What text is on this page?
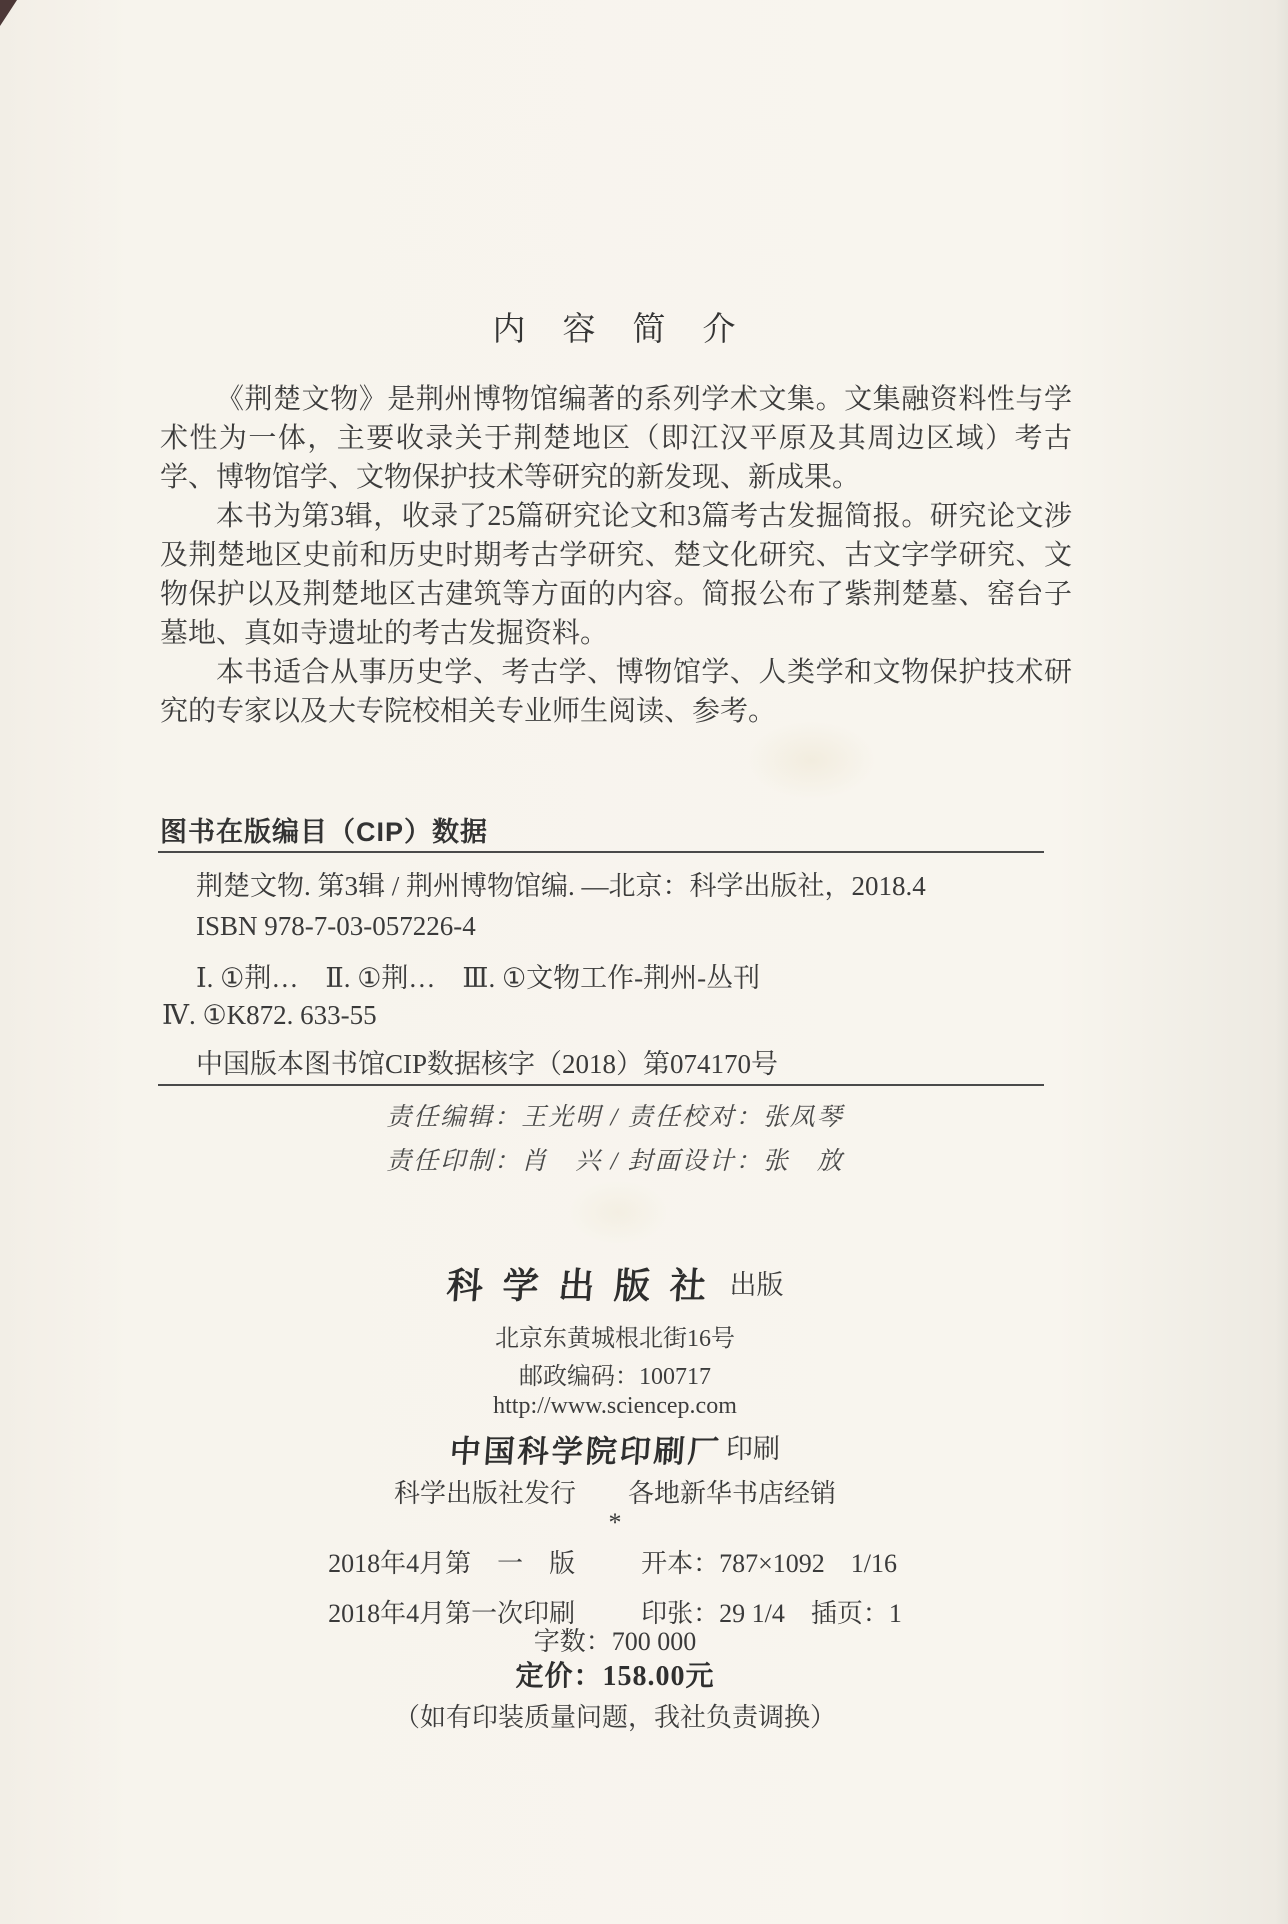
内　容　简　介
《荆楚文物》是荆州博物馆编著的系列学术文集。文集融资料性与学术性为一体，主要收录关于荆楚地区（即江汉平原及其周边区域）考古学、博物馆学、文物保护技术等研究的新发现、新成果。
本书为第3辑，收录了25篇研究论文和3篇考古发掘简报。研究论文涉及荆楚地区史前和历史时期考古学研究、楚文化研究、古文字学研究、文物保护以及荆楚地区古建筑等方面的内容。简报公布了紫荆楚墓、窑台子墓地、真如寺遗址的考古发掘资料。
本书适合从事历史学、考古学、博物馆学、人类学和文物保护技术研究的专家以及大专院校相关专业师生阅读、参考。
图书在版编目（CIP）数据
荆楚文物. 第3辑 / 荆州博物馆编. —北京：科学出版社，2018.4
ISBN 978-7-03-057226-4
Ⅰ. ①荆…　Ⅱ. ①荆…　Ⅲ. ①文物工作-荆州-丛刊
Ⅳ. ①K872. 633-55
中国版本图书馆CIP数据核字（2018）第074170号
责任编辑：王光明 / 责任校对：张凤琴
责任印制：肖　兴 / 封面设计：张　放
科学出版社 出版
北京东黄城根北街16号
邮政编码：100717
http://www.sciencep.com
中国科学院印刷厂 印刷
科学出版社发行　　各地新华书店经销
*
2018年4月第　一　版	开本：787×1092　1/16
2018年4月第一次印刷	印张：29 1/4　插页：1
字数：700 000
定价：158.00元
（如有印装质量问题，我社负责调换）
